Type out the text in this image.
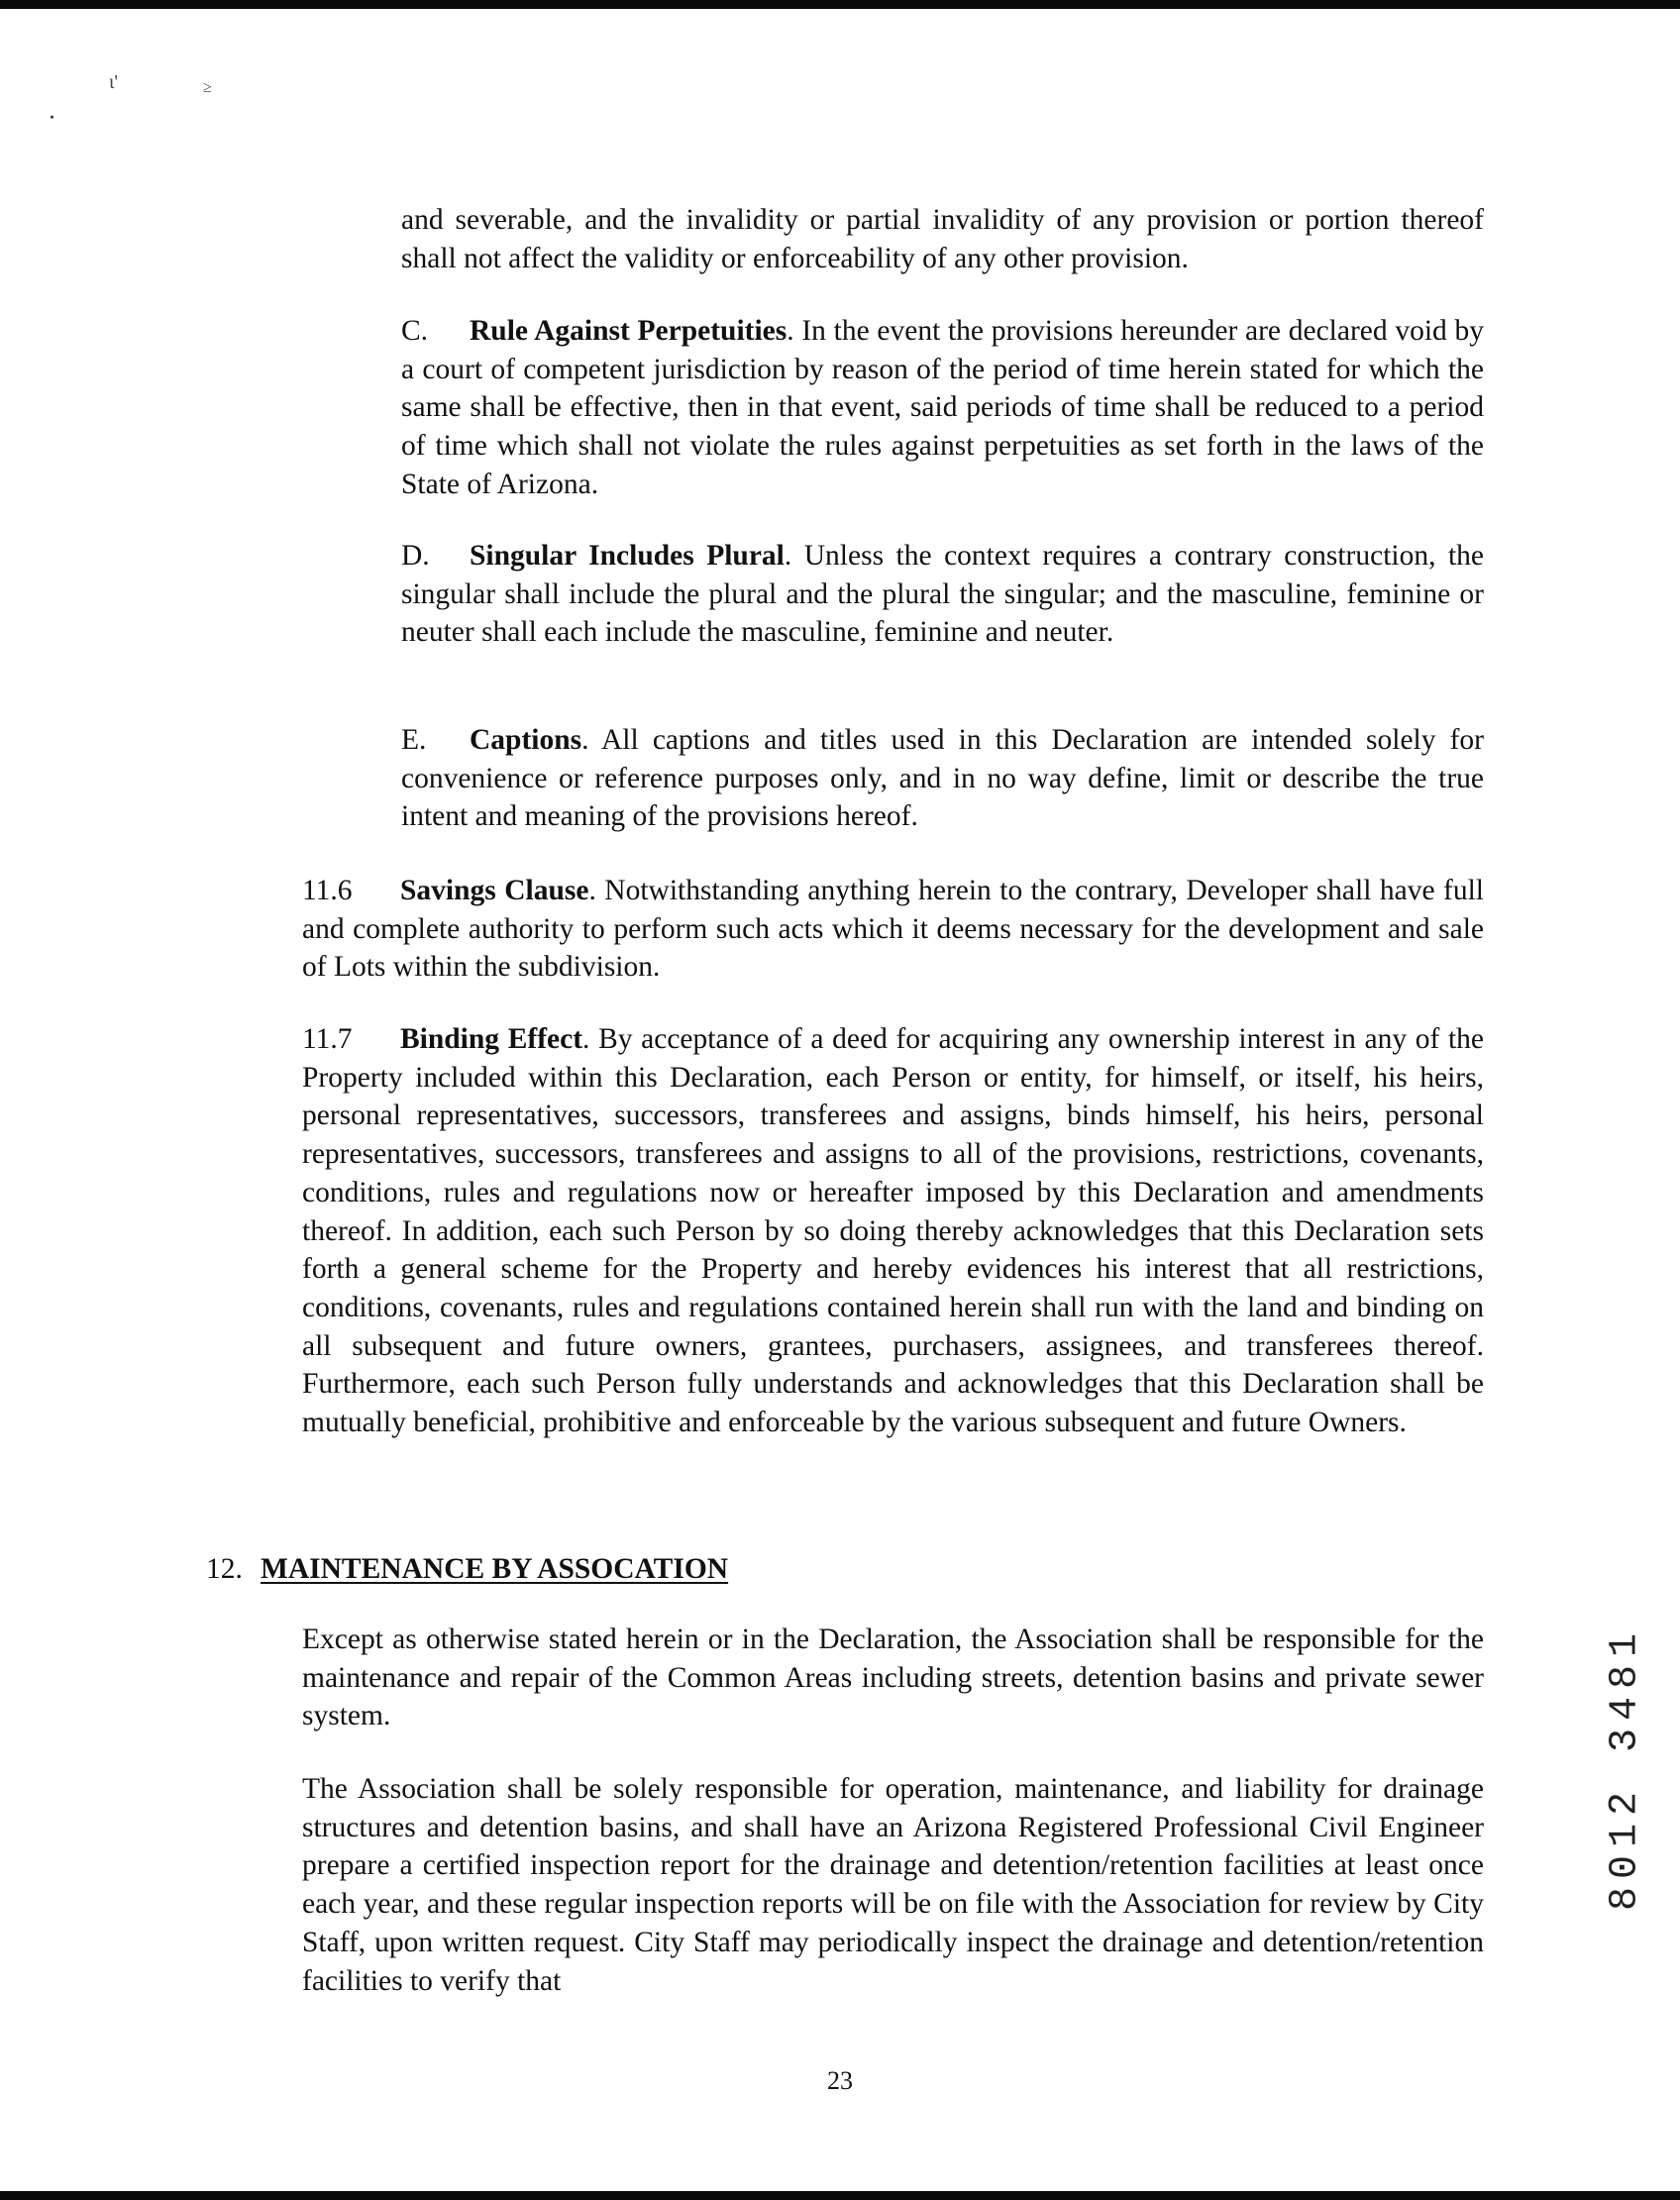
ι'	≥
•

and severable, and the invalidity or partial invalidity of any provision or portion thereof shall not affect the validity or enforceability of any other provision.

C. Rule Against Perpetuities. In the event the provisions hereunder are declared void by a court of competent jurisdiction by reason of the period of time herein stated for which the same shall be effective, then in that event, said periods of time shall be reduced to a period of time which shall not violate the rules against perpetuities as set forth in the laws of the State of Arizona.

D. Singular Includes Plural. Unless the context requires a contrary construction, the singular shall include the plural and the plural the singular; and the masculine, feminine or neuter shall each include the masculine, feminine and neuter.

E. Captions. All captions and titles used in this Declaration are intended solely for convenience or reference purposes only, and in no way define, limit or describe the true intent and meaning of the provisions hereof.

11.6 Savings Clause. Notwithstanding anything herein to the contrary, Developer shall have full and complete authority to perform such acts which it deems necessary for the development and sale of Lots within the subdivision.

11.7 Binding Effect. By acceptance of a deed for acquiring any ownership interest in any of the Property included within this Declaration, each Person or entity, for himself, or itself, his heirs, personal representatives, successors, transferees and assigns, binds himself, his heirs, personal representatives, successors, transferees and assigns to all of the provisions, restrictions, covenants, conditions, rules and regulations now or hereafter imposed by this Declaration and amendments thereof. In addition, each such Person by so doing thereby acknowledges that this Declaration sets forth a general scheme for the Property and hereby evidences his interest that all restrictions, conditions, covenants, rules and regulations contained herein shall run with the land and binding on all subsequent and future owners, grantees, purchasers, assignees, and transferees thereof. Furthermore, each such Person fully understands and acknowledges that this Declaration shall be mutually beneficial, prohibitive and enforceable by the various subsequent and future Owners.

12. MAINTENANCE BY ASSOCATION

Except as otherwise stated herein or in the Declaration, the Association shall be responsible for the maintenance and repair of the Common Areas including streets, detention basins and private sewer system.

The Association shall be solely responsible for operation, maintenance, and liability for drainage structures and detention basins, and shall have an Arizona Registered Professional Civil Engineer prepare a certified inspection report for the drainage and detention/retention facilities at least once each year, and these regular inspection reports will be on file with the Association for review by City Staff, upon written request. City Staff may periodically inspect the drainage and detention/retention facilities to verify that

8012 3481

23
